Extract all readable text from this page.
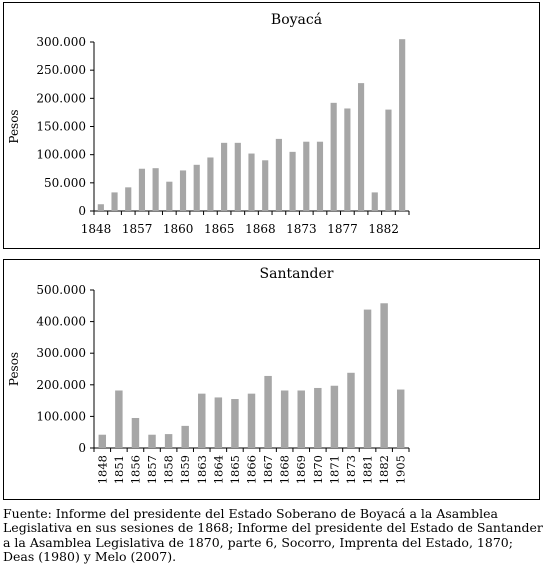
Boyacá
Pesos
0
50.000
100.000
150.000
200.000
250.000
300.000
1848 1857 1860 1865 1868 1873 1877 1882
Santander
Pesos
0
100.000
200.000
300.000
400.000
500.000
1848 1851 1856 1857 1858 1859 1863 1864 1865 1866 1867 1868 1869 1870 1871 1873 1881 1882 1905
Fuente: Informe del presidente del Estado Soberano de Boyacá a la Asamblea Legislativa en sus sesiones de 1868; Informe del presidente del Estado de Santander a la Asamblea Legislativa de 1870, parte 6, Socorro, Imprenta del Estado, 1870; Deas (1980) y Melo (2007).
